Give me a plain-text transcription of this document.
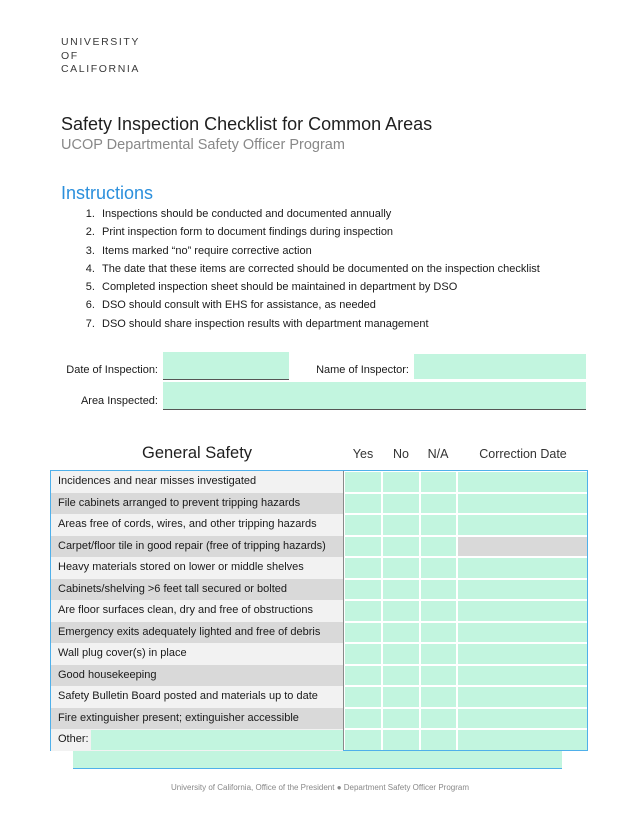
UNIVERSITY
OF
CALIFORNIA
Safety Inspection Checklist for Common Areas
UCOP Departmental Safety Officer Program
Instructions
1. Inspections should be conducted and documented annually
2. Print inspection form to document findings during inspection
3. Items marked “no” require corrective action
4. The date that these items are corrected should be documented on the inspection checklist
5. Completed inspection sheet should be maintained in department by DSO
6. DSO should consult with EHS for assistance, as needed
7. DSO should share inspection results with department management
Date of Inspection:	Name of Inspector:
Area Inspected:
General Safety	Yes	No	N/A	Correction Date
Incidences and near misses investigated
File cabinets arranged to prevent tripping hazards
Areas free of cords, wires, and other tripping hazards
Carpet/floor tile in good repair (free of tripping hazards)
Heavy materials stored on lower or middle shelves
Cabinets/shelving >6 feet tall secured or bolted
Are floor surfaces clean, dry and free of obstructions
Emergency exits adequately lighted and free of debris
Wall plug cover(s) in place
Good housekeeping
Safety Bulletin Board posted and materials up to date
Fire extinguisher present; extinguisher accessible
Other:
University of California, Office of the President ● Department Safety Officer Program
